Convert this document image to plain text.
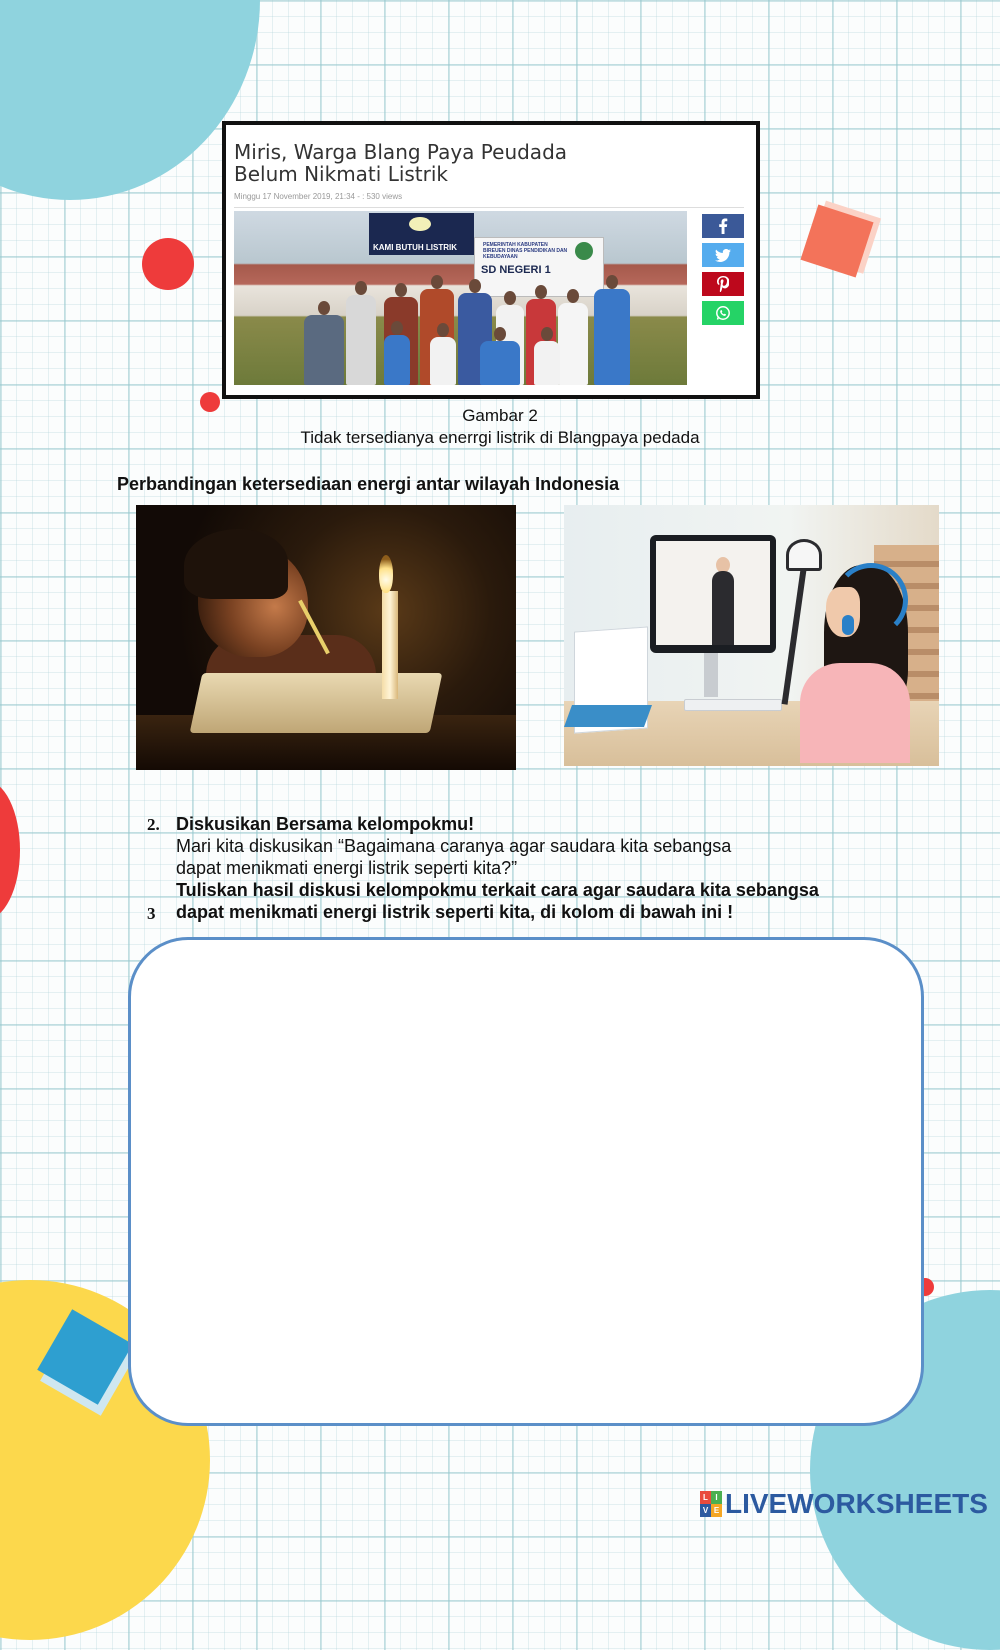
Miris, Warga Blang Paya Peudada
Belum Nikmati Listrik
Minggu 17 November 2019, 21:34 - : 530 views
KAMI BUTUH LISTRIK	PEMERINTAH KABUPATEN BIREUEN DINAS PENDIDIKAN DAN KEBUDAYAAN
SD NEGERI 1
Gambar 2
Tidak tersedianya enerrgi listrik di Blangpaya pedada
Perbandingan ketersediaan energi antar wilayah Indonesia
2. Diskusikan Bersama kelompokmu!
Mari kita diskusikan “Bagaimana caranya agar saudara kita sebangsa
dapat menikmati energi listrik seperti kita?”
Tuliskan hasil diskusi kelompokmu terkait cara agar saudara kita sebangsa
3 dapat menikmati energi listrik seperti kita, di kolom di bawah ini !
L I
V E LIVEWORKSHEETS
